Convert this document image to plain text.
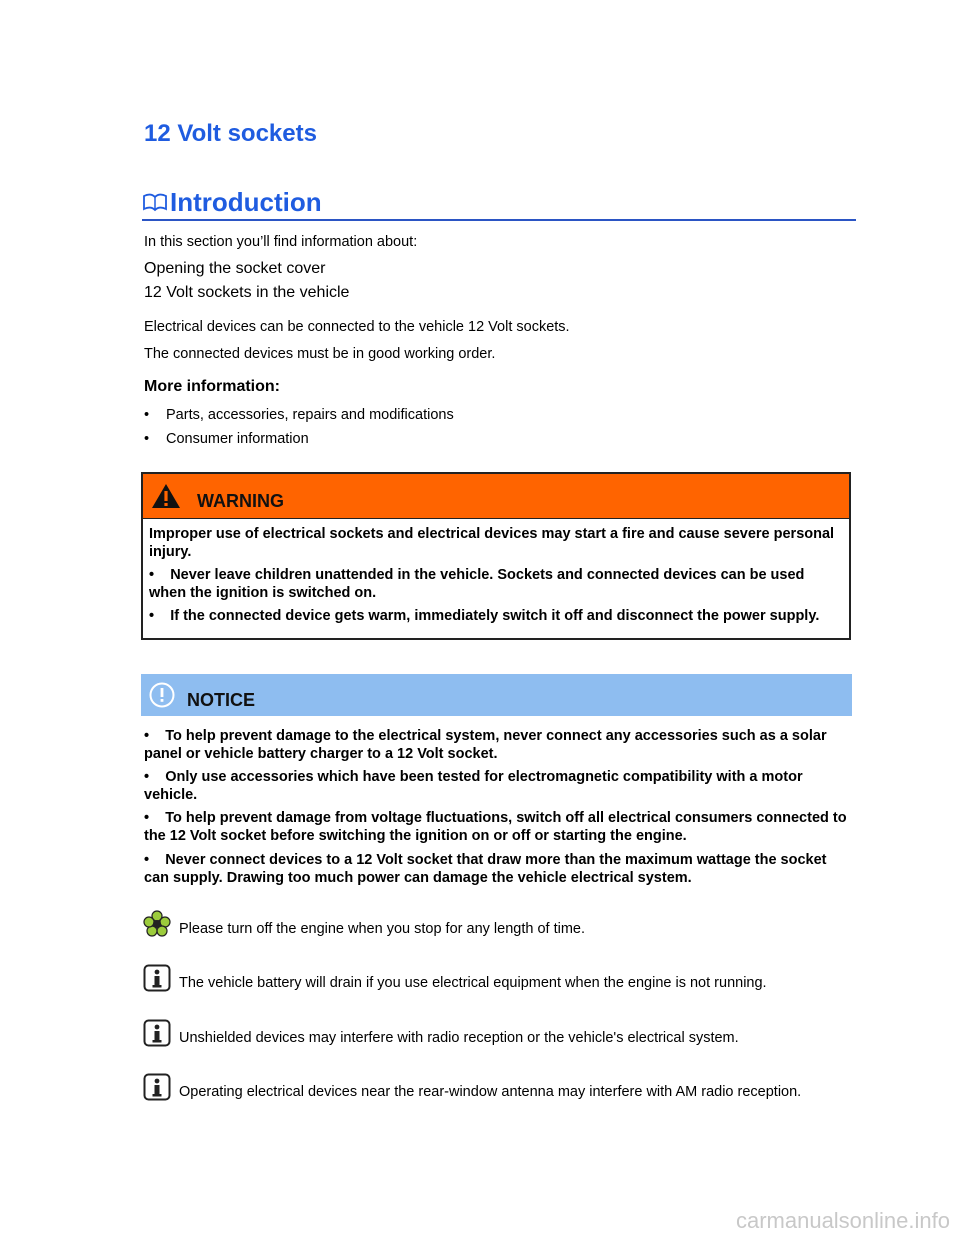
12 Volt sockets
Introduction

In this section you’ll find information about:

Opening the socket cover

12 Volt sockets in the vehicle

Electrical devices can be connected to the vehicle 12 Volt sockets.

The connected devices must be in good working order.

More information:

•	Parts, accessories, repairs and modifications
•	Consumer information
WARNING

Improper use of electrical sockets and electrical devices may start a fire and cause severe personal injury.

• Never leave children unattended in the vehicle. Sockets and connected devices can be used when the ignition is switched on.

• If the connected device gets warm, immediately switch it off and disconnect the power supply.

NOTICE

• To help prevent damage to the electrical system, never connect any accessories such as a solar panel or vehicle battery charger to a 12 Volt socket.

• Only use accessories which have been tested for electromagnetic compatibility with a motor vehicle.

• To help prevent damage from voltage fluctuations, switch off all electrical consumers connected to the 12 Volt socket before switching the ignition on or off or starting the engine.

• Never connect devices to a 12 Volt socket that draw more than the maximum wattage the socket can supply. Drawing too much power can damage the vehicle electrical system.

Please turn off the engine when you stop for any length of time.
The vehicle battery will drain if you use electrical equipment when the engine is not running.
Unshielded devices may interfere with radio reception or the vehicle's electrical system.
Operating electrical devices near the rear-window antenna may interfere with AM radio reception.
carmanualsonline.info
